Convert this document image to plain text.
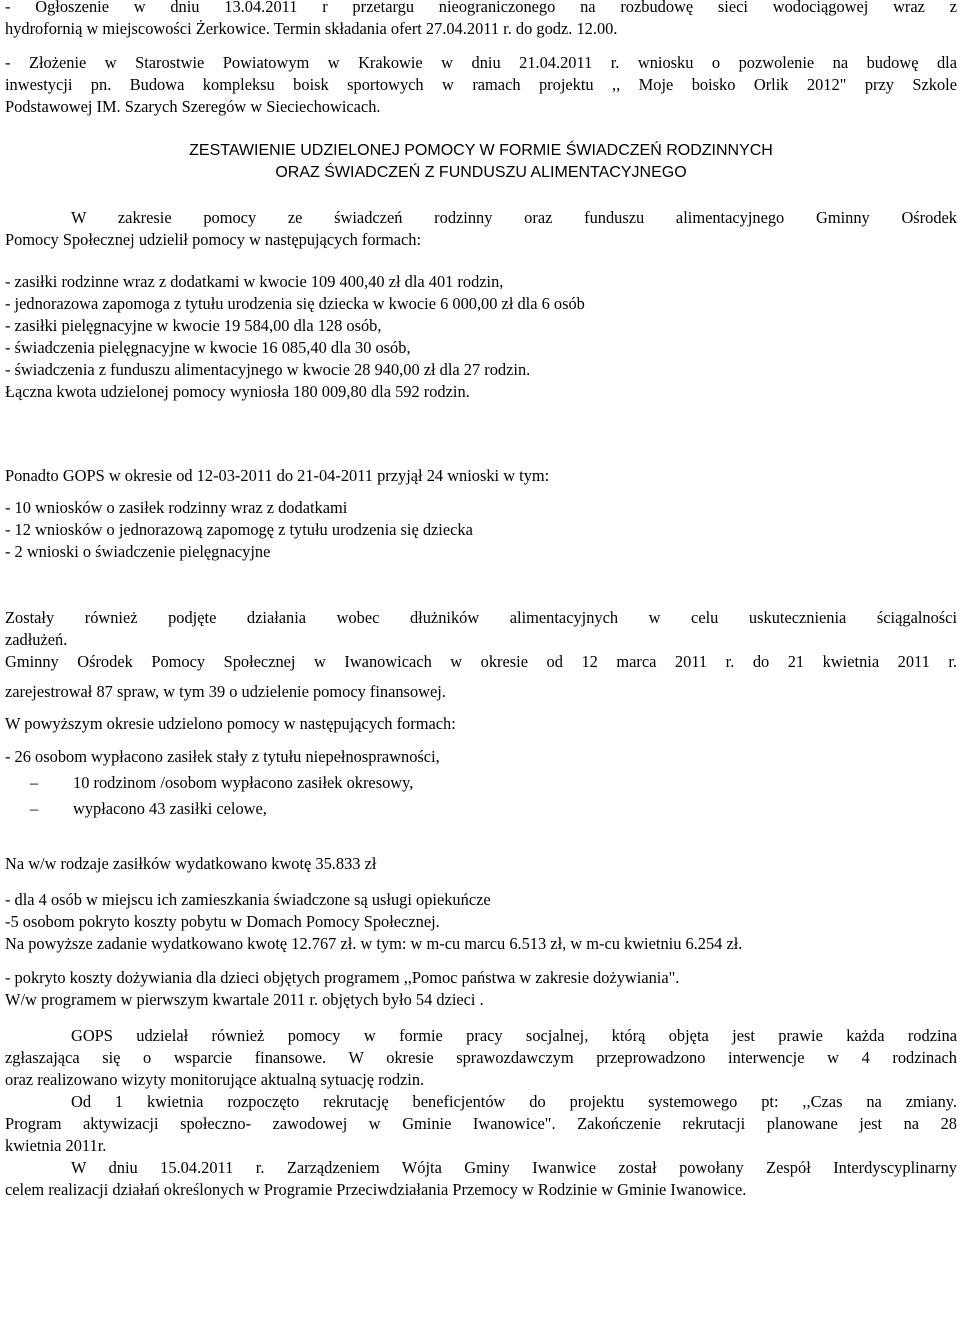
- Ogłoszenie w dniu 13.04.2011 r przetargu nieograniczonego na rozbudowę sieci wodociągowej wraz z

hydrofornią w miejscowości Żerkowice. Termin składania ofert 27.04.2011 r. do godz. 12.00.

- Złożenie w Starostwie Powiatowym w Krakowie w dniu 21.04.2011 r. wniosku o pozwolenie na budowę dla

inwestycji pn. Budowa kompleksu boisk sportowych w ramach projektu ,, Moje boisko Orlik 2012" przy Szkole

Podstawowej IM. Szarych Szeregów w Sieciechowicach.

ZESTAWIENIE UDZIELONEJ POMOCY W FORMIE ŚWIADCZEŃ RODZINNYCH

ORAZ ŚWIADCZEŃ Z FUNDUSZU ALIMENTACYJNEGO

W zakresie pomocy ze świadczeń rodzinny oraz funduszu alimentacyjnego Gminny Ośrodek

Pomocy Społecznej udzielił pomocy w następujących formach:

- zasiłki rodzinne wraz z dodatkami w kwocie 109 400,40 zł dla 401 rodzin,

- jednorazowa zapomoga z tytułu urodzenia się dziecka w kwocie 6 000,00 zł dla 6 osób

- zasiłki pielęgnacyjne w kwocie 19 584,00 dla 128 osób,

- świadczenia pielęgnacyjne w kwocie 16 085,40 dla 30 osób,

- świadczenia z funduszu alimentacyjnego w kwocie 28 940,00 zł dla 27 rodzin.

Łączna kwota udzielonej pomocy wyniosła 180 009,80 dla 592 rodzin.

Ponadto GOPS w okresie od 12-03-2011 do 21-04-2011 przyjął 24 wnioski w tym:

- 10 wniosków o zasiłek rodzinny wraz z dodatkami

- 12 wniosków o jednorazową zapomogę z tytułu urodzenia się dziecka

- 2 wnioski o świadczenie pielęgnacyjne

Zostały również podjęte działania wobec dłużników alimentacyjnych w celu uskutecznienia ściągalności

zadłużeń.

Gminny Ośrodek Pomocy Społecznej w Iwanowicach w okresie od 12 marca 2011 r. do 21 kwietnia 2011 r.

zarejestrował 87 spraw, w tym 39 o udzielenie pomocy finansowej.

W powyższym okresie udzielono pomocy w następujących formach:

- 26 osobom wypłacono zasiłek stały z tytułu niepełnosprawności,

– 10 rodzinom /osobom wypłacono zasiłek okresowy,

– wypłacono 43 zasiłki celowe,

Na w/w rodzaje zasiłków wydatkowano kwotę 35.833 zł

- dla 4 osób w miejscu ich zamieszkania świadczone są usługi opiekuńcze

-5 osobom pokryto koszty pobytu w Domach Pomocy Społecznej.

Na powyższe zadanie wydatkowano kwotę 12.767 zł. w tym: w m-cu marcu 6.513 zł, w m-cu kwietniu 6.254 zł.

- pokryto koszty dożywiania dla dzieci objętych programem ,,Pomoc państwa w zakresie dożywiania".

W/w programem w pierwszym kwartale 2011 r. objętych było 54 dzieci .

GOPS udzielał również pomocy w formie pracy socjalnej, którą objęta jest prawie każda rodzina

zgłaszająca się o wsparcie finansowe. W okresie sprawozdawczym przeprowadzono interwencje w 4 rodzinach

oraz realizowano wizyty monitorujące aktualną sytuację rodzin.

Od 1 kwietnia rozpoczęto rekrutację beneficjentów do projektu systemowego pt: ,,Czas na zmiany.

Program aktywizacji społeczno- zawodowej w Gminie Iwanowice". Zakończenie rekrutacji planowane jest na 28

kwietnia 2011r.

W dniu 15.04.2011 r. Zarządzeniem Wójta Gminy Iwanwice został powołany Zespół Interdyscyplinarny

celem realizacji działań określonych w Programie Przeciwdziałania Przemocy w Rodzinie w Gminie Iwanowice.
